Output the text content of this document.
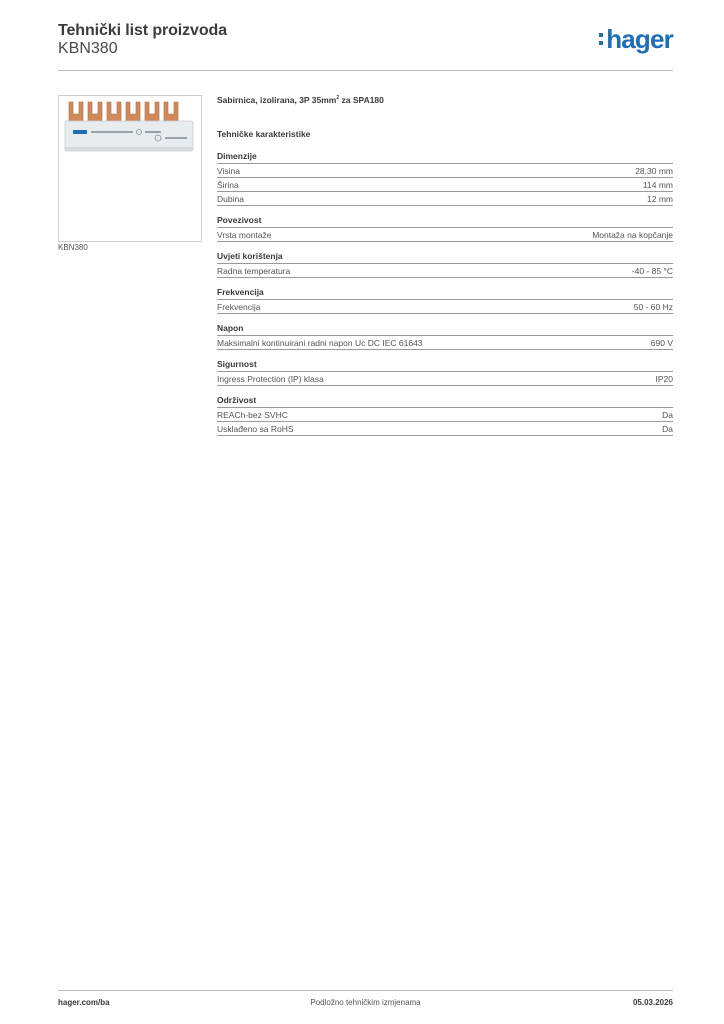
Tehnički list proizvoda
KBN380	hager
KBN380
Sabirnica, izolirana, 3P $35mm^2$ za SPA180
Tehničke karakteristike
Dimenzije
Visina	28,30 mm
Širina	114 mm
Dubina	12 mm
Povezivost
Vrsta montaže	Montaža na kopčanje
Uvjeti korištenja
Radna temperatura	-40 - 85 °C
Frekvencija
Frekvencija	50 - 60 Hz
Napon
Maksimalni kontinuirani radni napon Uc DC IEC 61643	690 V
Sigurnost
Ingress Protection (IP) klasa	IP20
Održivost
REACh-bez SVHC	Da
Usklađeno sa RoHS	Da
hager.com/ba	Podložno tehničkim izmjenama	05.03.2026
